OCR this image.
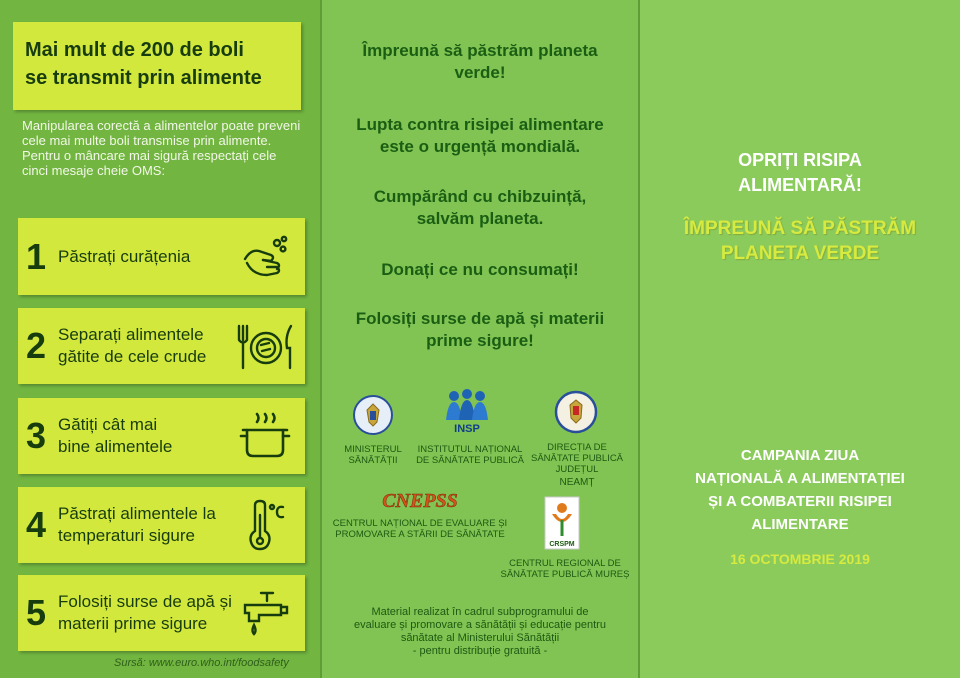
Mai mult de 200 de boli
se transmit prin alimente
Manipularea corectă a alimentelor poate preveni cele mai multe boli transmise prin alimente.
Pentru o mâncare mai sigură respectați cele cinci mesaje cheie OMS:
1 Păstrați curățenia
2 Separați alimentele
gătite de cele crude
3 Gătiți cât mai
bine alimentele
4 Păstrați alimentele la
temperaturi sigure
5 Folosiți surse de apă și
materii prime sigure
Sursă: www.euro.who.int/foodsafety
Împreună să păstrăm planeta
verde!
Lupta contra risipei alimentare
este o urgență mondială.
Cumpărând cu chibzuință,
salvăm planeta.
Donați ce nu consumați!
Folosiți surse de apă și materii
prime sigure!
MINISTERUL
SĂNĂTĂȚII
INSP
INSTITUTUL NAȚIONAL
DE SĂNĂTATE PUBLICĂ
DIRECȚIA DE
SĂNĂTATE PUBLICĂ
JUDEȚUL
NEAMȚ
CNEPSS
CENTRUL NAȚIONAL DE EVALUARE ȘI
PROMOVARE A STĂRII DE SĂNĂTATE
CRSPM
CENTRUL REGIONAL DE
SĂNĂTATE PUBLICĂ MUREȘ
Material realizat în cadrul subprogramului de
evaluare și promovare a sănătății și educație pentru
sănătate al Ministerului Sănătății
- pentru distribuție gratuită -
OPRIȚI RISIPA
ALIMENTARĂ!
ÎMPREUNĂ SĂ PĂSTRĂM
PLANETA VERDE
CAMPANIA ZIUA
NAȚIONALĂ A ALIMENTAȚIEI
ȘI A COMBATERII RISIPEI
ALIMENTARE
16 OCTOMBRIE 2019
